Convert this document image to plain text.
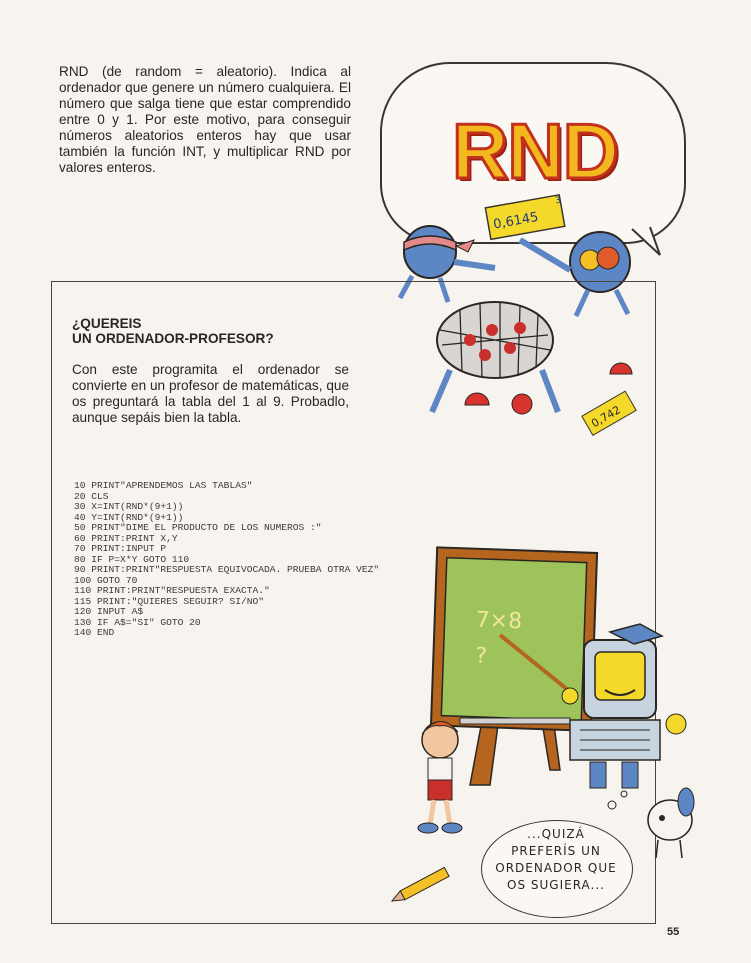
RND (de random = aleatorio). Indica al ordenador que genere un número cualquiera. El número que salga tiene que estar comprendido entre 0 y 1. Por este motivo, para conseguir números aleatorios enteros hay que usar también la función INT, y multiplicar RND por valores enteros.	RND
0,6145
3
0,742
¿QUEREIS
UN ORDENADOR-PROFESOR?
Con este programita el ordenador se convierte en un profesor de matemáticas, que os preguntará la tabla del 1 al 9. Probadlo, aunque sepáis bien la tabla.
10 PRINT"APRENDEMOS LAS TABLAS"
20 CLS
30 X=INT(RND*(9+1))
40 Y=INT(RND*(9+1))
50 PRINT"DIME EL PRODUCTO DE LOS NUMEROS :"
60 PRINT:PRINT X,Y
70 PRINT:INPUT P
80 IF P=X*Y GOTO 110
90 PRINT:PRINT"RESPUESTA EQUIVOCADA. PRUEBA OTRA VEZ"
100 GOTO 70
110 PRINT:PRINT"RESPUESTA EXACTA."
115 PRINT:"QUIERES SEGUIR? SI/NO"
120 INPUT A$
130 IF A$="SI" GOTO 20
140 END	7×8
?
...QUIZÁ
PREFERÍS UN
ORDENADOR QUE
OS SUGIERA...
55
